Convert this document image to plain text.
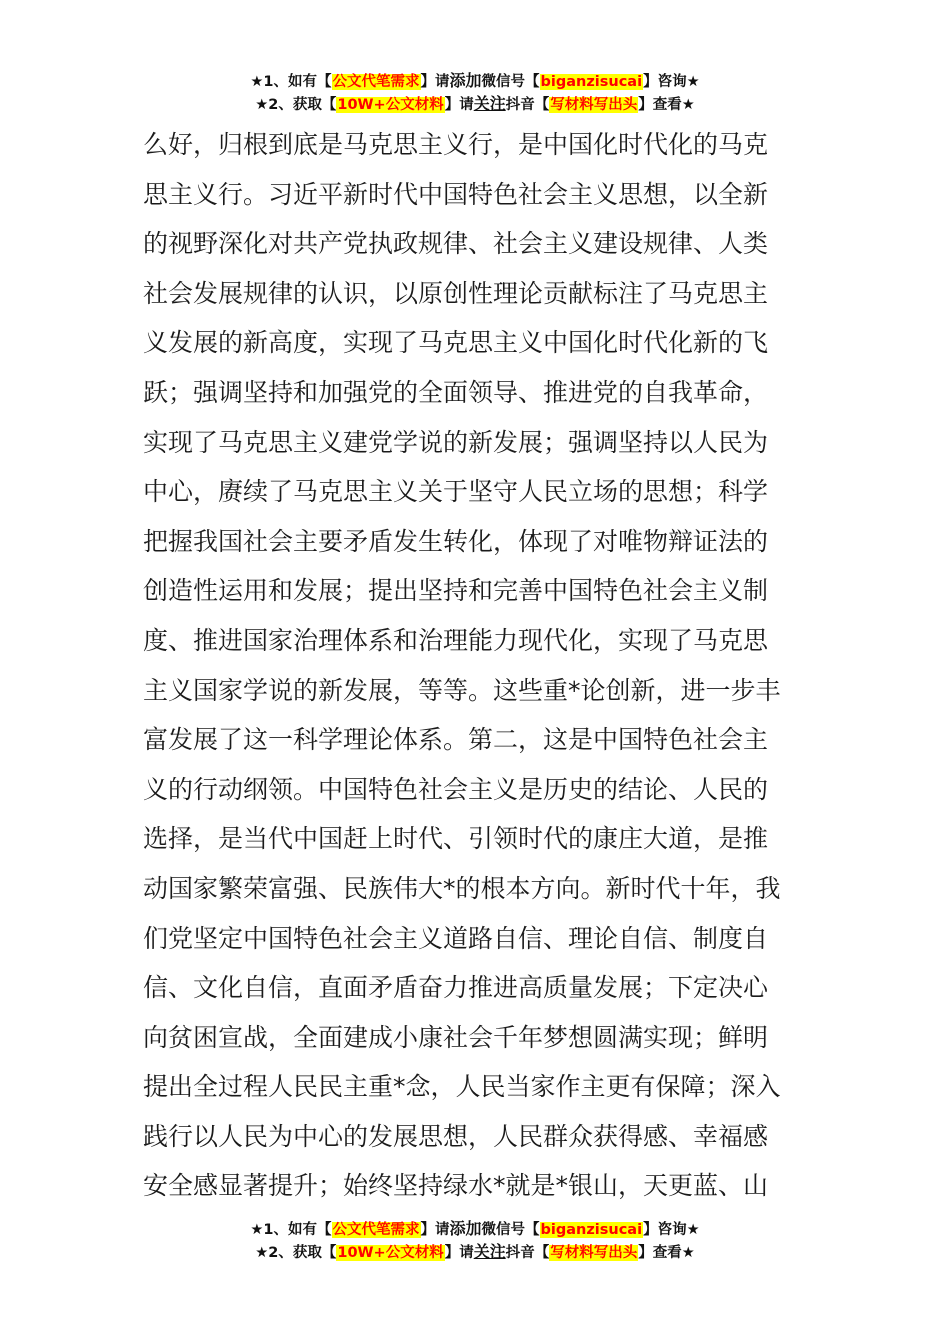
★1、如有【公文代笔需求】请添加微信号【biganzisucai】咨询★
★2、获取【10W+公文材料】请关注抖音【写材料写出头】查看★
么好，归根到底是马克思主义行，是中国化时代化的马克
思主义行。习近平新时代中国特色社会主义思想，以全新
的视野深化对共产党执政规律、社会主义建设规律、人类
社会发展规律的认识，以原创性理论贡献标注了马克思主
义发展的新高度，实现了马克思主义中国化时代化新的飞
跃；强调坚持和加强党的全面领导、推进党的自我革命，
实现了马克思主义建党学说的新发展；强调坚持以人民为
中心，赓续了马克思主义关于坚守人民立场的思想；科学
把握我国社会主要矛盾发生转化，体现了对唯物辩证法的
创造性运用和发展；提出坚持和完善中国特色社会主义制
度、推进国家治理体系和治理能力现代化，实现了马克思
主义国家学说的新发展，等等。这些重*论创新，进一步丰
富发展了这一科学理论体系。第二，这是中国特色社会主
义的行动纲领。中国特色社会主义是历史的结论、人民的
选择，是当代中国赶上时代、引领时代的康庄大道，是推
动国家繁荣富强、民族伟大*的根本方向。新时代十年，我
们党坚定中国特色社会主义道路自信、理论自信、制度自
信、文化自信，直面矛盾奋力推进高质量发展；下定决心
向贫困宣战，全面建成小康社会千年梦想圆满实现；鲜明
提出全过程人民民主重*念，人民当家作主更有保障；深入
践行以人民为中心的发展思想，人民群众获得感、幸福感
安全感显著提升；始终坚持绿水*就是*银山，天更蓝、山
★1、如有【公文代笔需求】请添加微信号【biganzisucai】咨询★
★2、获取【10W+公文材料】请关注抖音【写材料写出头】查看★
